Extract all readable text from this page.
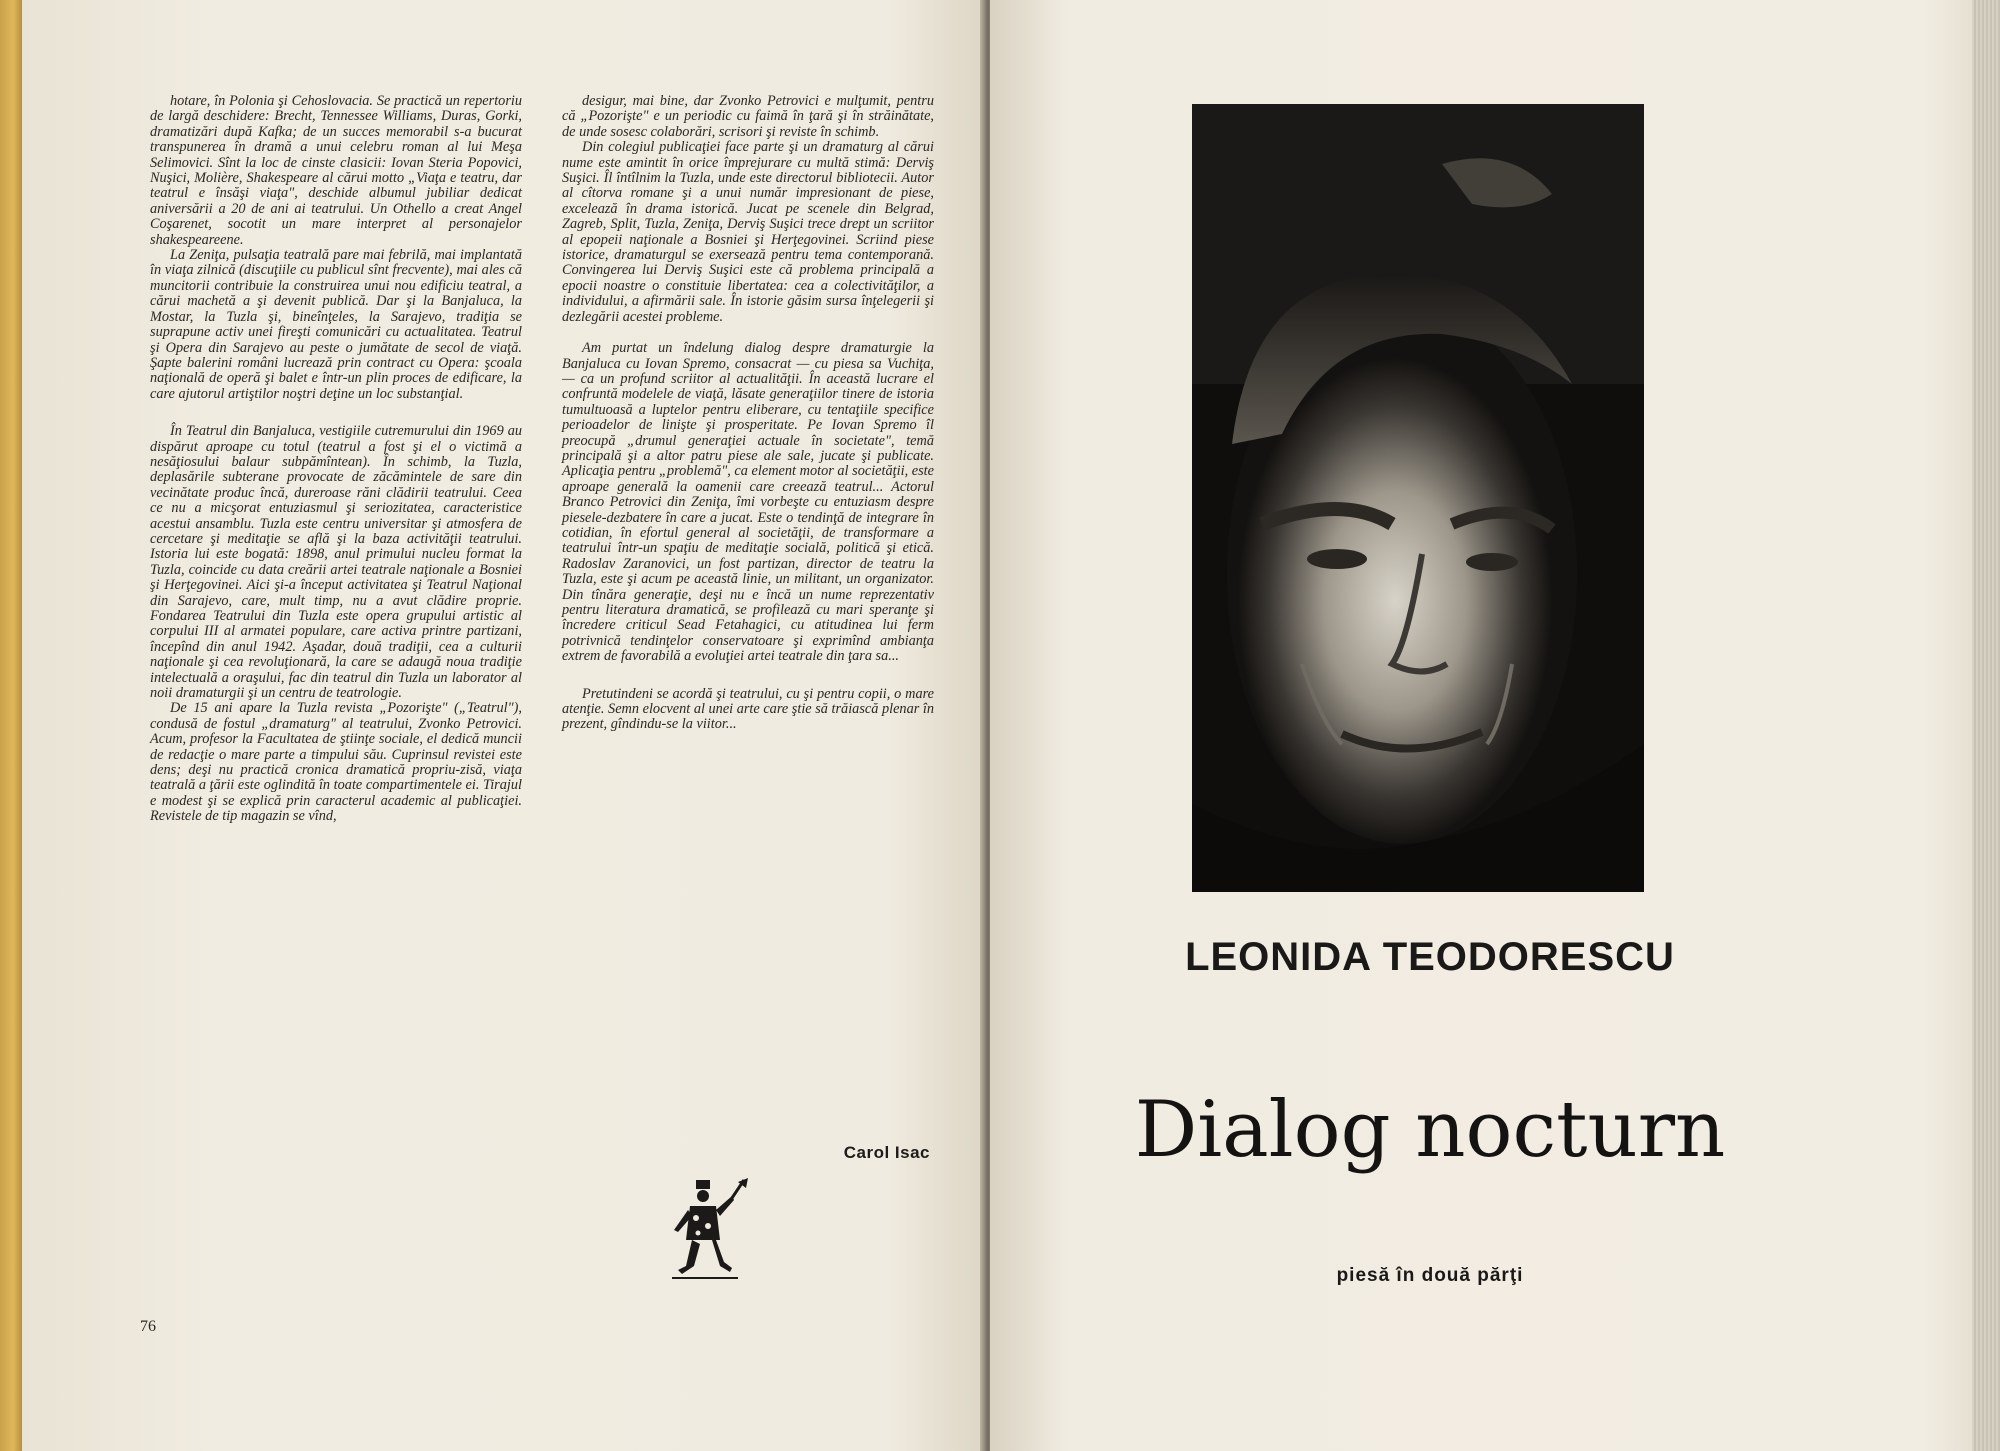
hotare, în Polonia şi Cehoslovacia. Se practică un repertoriu de largă deschidere: Brecht, Tennessee Williams, Duras, Gorki, dramatizări după Kafka; de un succes memorabil s-a bucurat transpunerea în dramă a unui celebru roman al lui Meşa Selimovici. Sînt la loc de cinste clasicii: Iovan Steria Popovici, Nuşici, Molière, Shakespeare al cărui motto „Viaţa e teatru, dar teatrul e însăşi viaţa", deschide albumul jubiliar dedicat aniversării a 20 de ani ai teatrului. Un Othello a creat Angel Coşarenet, socotit un mare interpret al personajelor shakespeareene.

La Zeniţa, pulsaţia teatrală pare mai febrilă, mai implantată în viaţa zilnică (discuţiile cu publicul sînt frecvente), mai ales că muncitorii contribuie la construirea unui nou edificiu teatral, a cărui machetă a şi devenit publică. Dar şi la Banjaluca, la Mostar, la Tuzla şi, bineînţeles, la Sarajevo, tradiţia se suprapune activ unei fireşti comunicări cu actualitatea. Teatrul şi Opera din Sarajevo au peste o jumătate de secol de viaţă. Şapte balerini români lucrează prin contract cu Opera: şcoala naţională de operă şi balet e într-un plin proces de edificare, la care ajutorul artiştilor noştri deţine un loc substanţial.

În Teatrul din Banjaluca, vestigiile cutremurului din 1969 au dispărut aproape cu totul (teatrul a fost şi el o victimă a nesăţiosului balaur subpămîntean). În schimb, la Tuzla, deplasările subterane provocate de zăcămintele de sare din vecinătate produc încă, dureroase răni clădirii teatrului. Ceea ce nu a micşorat entuziasmul şi seriozitatea, caracteristice acestui ansamblu. Tuzla este centru universitar şi atmosfera de cercetare şi meditaţie se află şi la baza activităţii teatrului. Istoria lui este bogată: 1898, anul primului nucleu format la Tuzla, coincide cu data creării artei teatrale naţionale a Bosniei şi Herţegovinei. Aici şi-a început activitatea şi Teatrul Naţional din Sarajevo, care, mult timp, nu a avut clădire proprie. Fondarea Teatrului din Tuzla este opera grupului artistic al corpului III al armatei populare, care activa printre partizani, începînd din anul 1942. Aşadar, două tradiţii, cea a culturii naţionale şi cea revoluţionară, la care se adaugă noua tradiţie intelectuală a oraşului, fac din teatrul din Tuzla un laborator al noii dramaturgii şi un centru de teatrologie.

De 15 ani apare la Tuzla revista „Pozorişte" („Teatrul"), condusă de fostul „dramaturg" al teatrului, Zvonko Petrovici. Acum, profesor la Facultatea de ştiinţe sociale, el dedică muncii de redacţie o mare parte a timpului său. Cuprinsul revistei este dens; deşi nu practică cronica dramatică propriu-zisă, viaţa teatrală a ţării este oglindită în toate compartimentele ei. Tirajul e modest şi se explică prin caracterul academic al publicaţiei. Revistele de tip magazin se vînd,

desigur, mai bine, dar Zvonko Petrovici e mulţumit, pentru că „Pozorişte" e un periodic cu faimă în ţară şi în străinătate, de unde sosesc colaborări, scrisori şi reviste în schimb.

Din colegiul publicaţiei face parte şi un dramaturg al cărui nume este amintit în orice împrejurare cu multă stimă: Derviş Suşici. Îl întîlnim la Tuzla, unde este directorul bibliotecii. Autor al cîtorva romane şi a unui număr impresionant de piese, excelează în drama istorică. Jucat pe scenele din Belgrad, Zagreb, Split, Tuzla, Zeniţa, Derviş Suşici trece drept un scriitor al epopeii naţionale a Bosniei şi Herţegovinei. Scriind piese istorice, dramaturgul se exersează pentru tema contemporană. Convingerea lui Derviş Suşici este că problema principală a epocii noastre o constituie libertatea: cea a colectivităţilor, a individului, a afirmării sale. În istorie găsim sursa înţelegerii şi dezlegării acestei probleme.

Am purtat un îndelung dialog despre dramaturgie la Banjaluca cu Iovan Spremo, consacrat — cu piesa sa Vuchiţa, — ca un profund scriitor al actualităţii. În această lucrare el confruntă modelele de viaţă, lăsate generaţiilor tinere de istoria tumultuoasă a luptelor pentru eliberare, cu tentaţiile specifice perioadelor de linişte şi prosperitate. Pe Iovan Spremo îl preocupă „drumul generaţiei actuale în societate", temă principală şi a altor patru piese ale sale, jucate şi publicate. Aplicaţia pentru „problemă", ca element motor al societăţii, este aproape generală la oamenii care creează teatrul... Actorul Branco Petrovici din Zeniţa, îmi vorbeşte cu entuziasm despre piesele-dezbatere în care a jucat. Este o tendinţă de integrare în cotidian, în efortul general al societăţii, de transformare a teatrului într-un spaţiu de meditaţie socială, politică şi etică. Radoslav Zaranovici, un fost partizan, director de teatru la Tuzla, este şi acum pe această linie, un militant, un organizator. Din tînăra generaţie, deşi nu e încă un nume reprezentativ pentru literatura dramatică, se profilează cu mari speranţe şi încredere criticul Sead Fetahagici, cu atitudinea lui ferm potrivnică tendinţelor conservatoare şi exprimînd ambianţa extrem de favorabilă a evoluţiei artei teatrale din ţara sa...

Pretutindeni se acordă şi teatrului, cu şi pentru copii, o mare atenţie. Semn elocvent al unei arte care ştie să trăiască plenar în prezent, gîndindu-se la viitor...

Carol Isac
76
LEONIDA TEODORESCU
Dialog nocturn
piesă în două părţi
